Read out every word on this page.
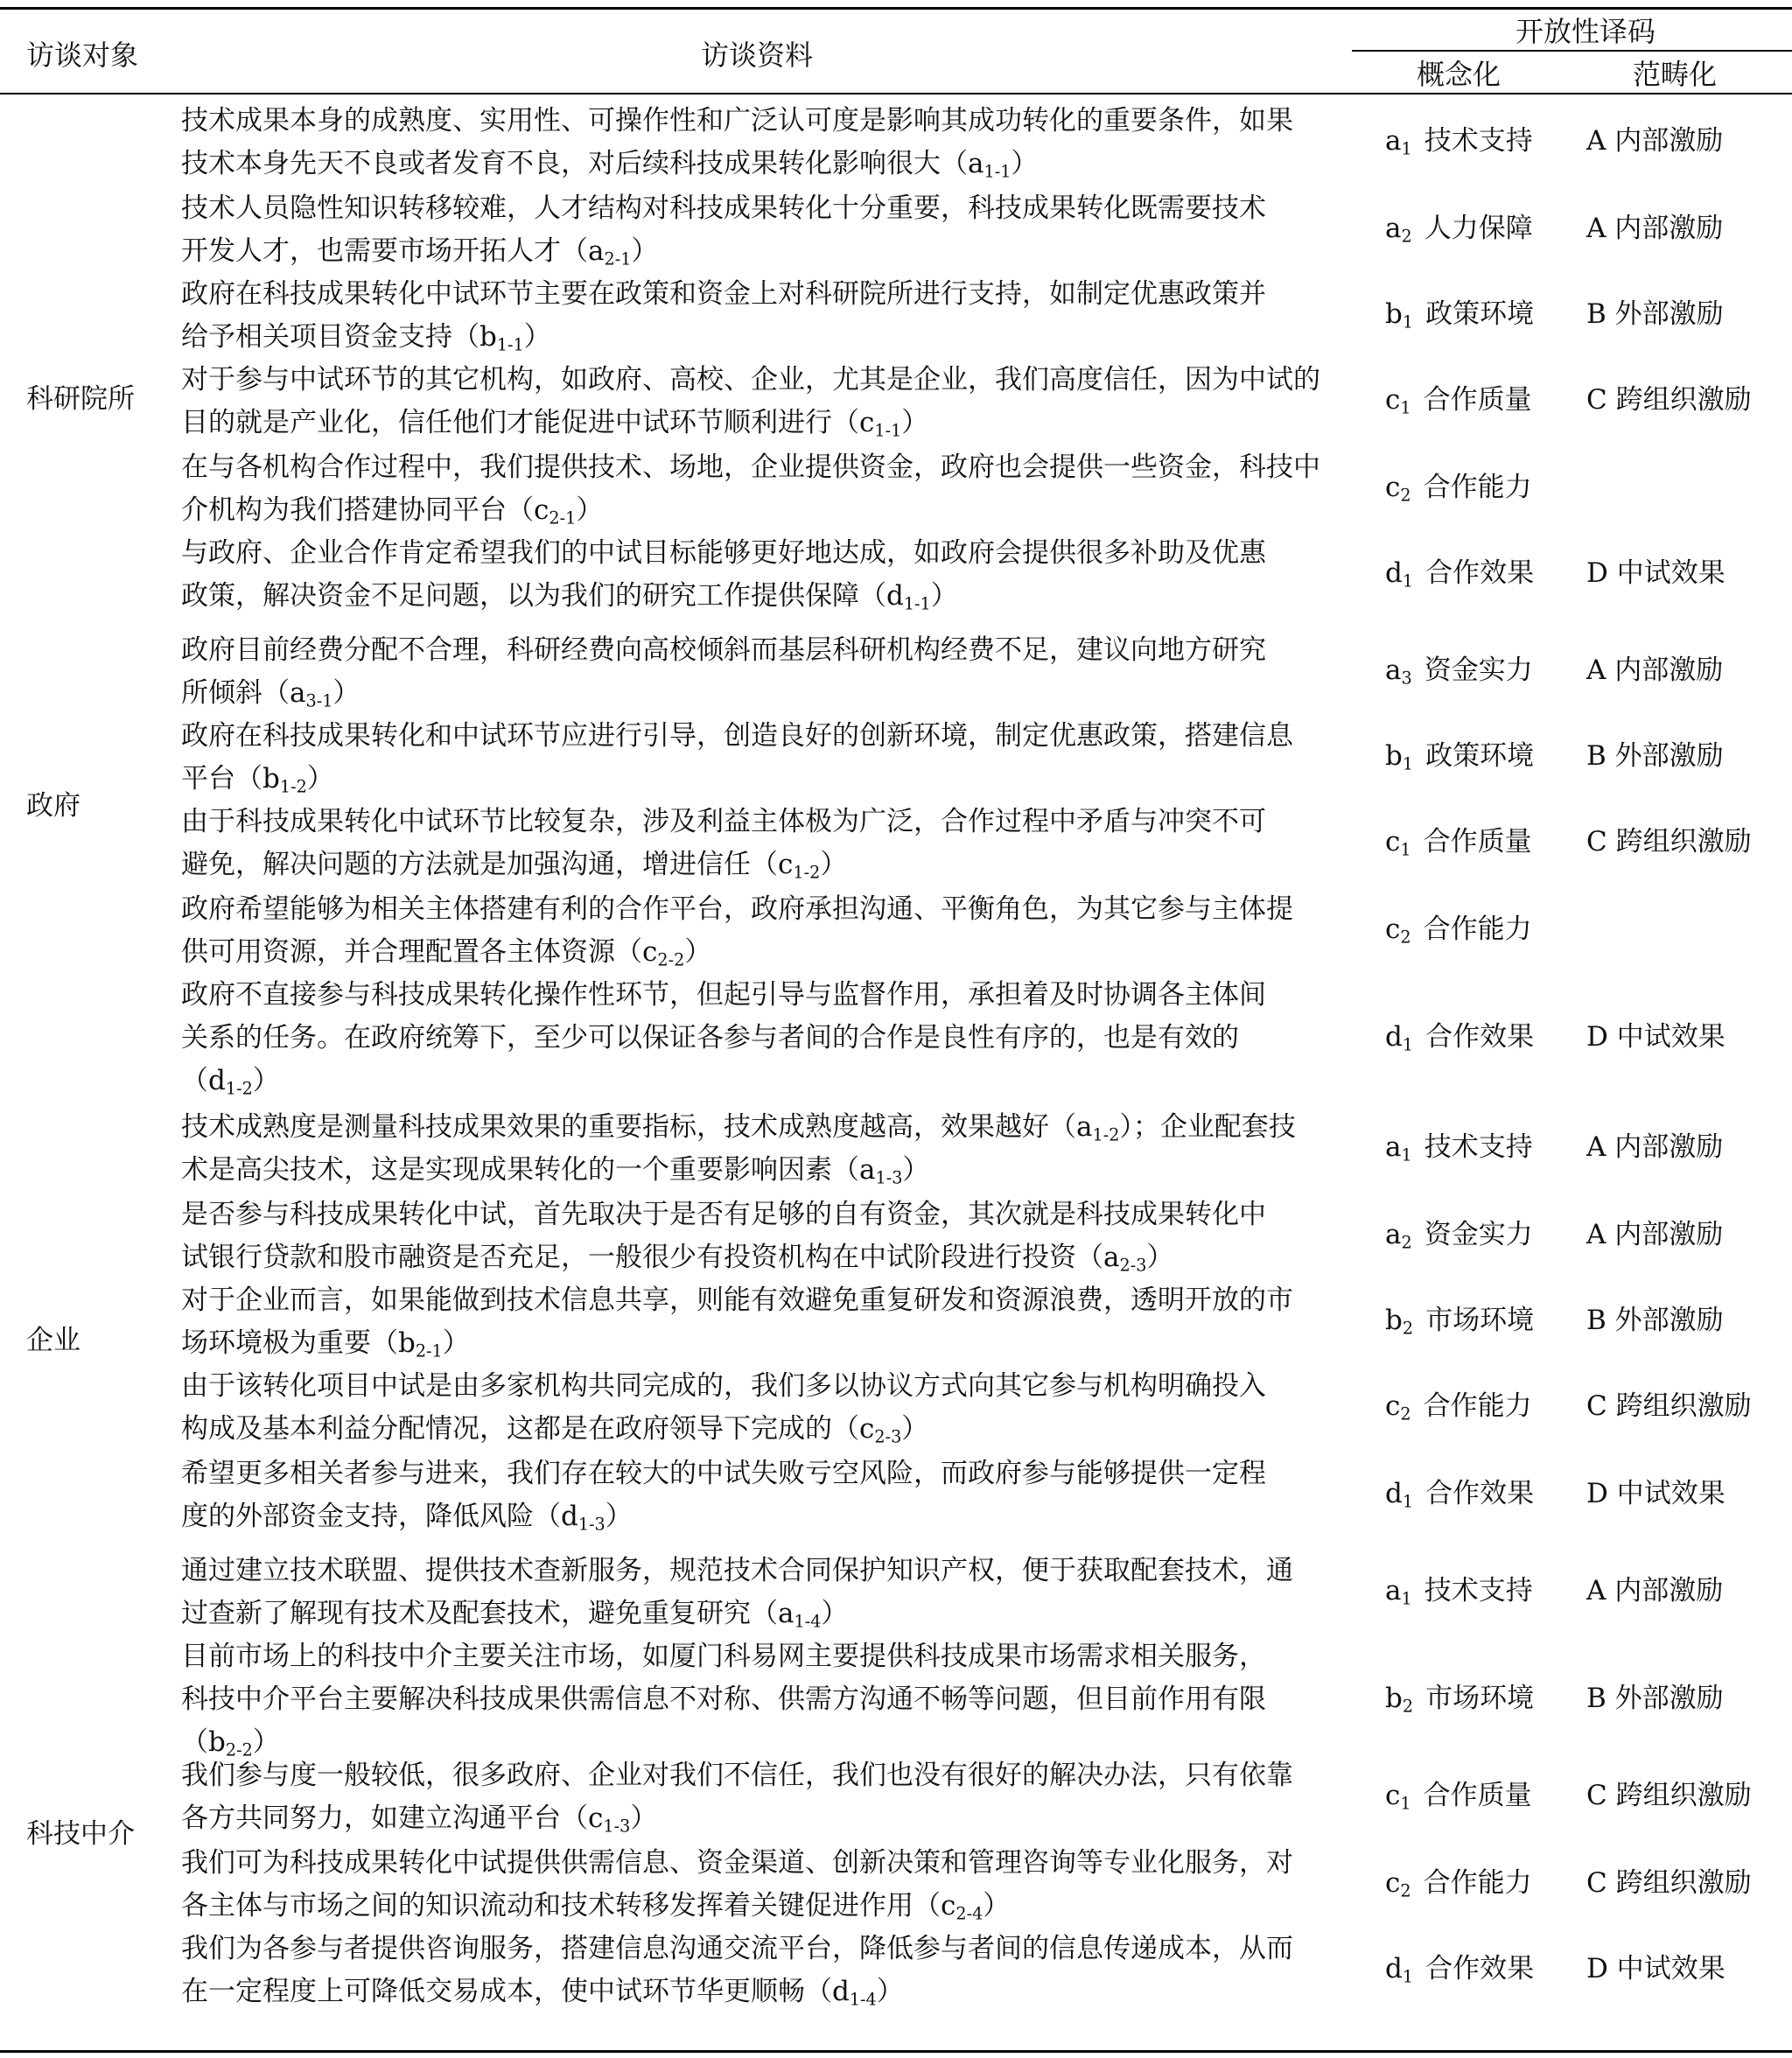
访谈对象	访谈资料
开放性译码
概念化	范畴化
科研院所
技术成果本身的成熟度、实用性、可操作性和广泛认可度是影响其成功转化的重要条件，如果
技术本身先天不良或者发育不良，对后续科技成果转化影响很大$(a_{1-1})$
$a_1$ 技术支持 A 内部激励
技术人员隐性知识转移较难，人才结构对科技成果转化十分重要，科技成果转化既需要技术
开发人才，也需要市场开拓人才$(a_{2-1})$
$a_2$ 人力保障 A 内部激励
政府在科技成果转化中试环节主要在政策和资金上对科研院所进行支持，如制定优惠政策并
给予相关项目资金支持$(b_{1-1})$
$b_1$ 政策环境 B 外部激励
对于参与中试环节的其它机构，如政府、高校、企业，尤其是企业，我们高度信任，因为中试的
目的就是产业化，信任他们才能促进中试环节顺利进行$(c_{1-1})$
$c_1$ 合作质量 C 跨组织激励
在与各机构合作过程中，我们提供技术、场地，企业提供资金，政府也会提供一些资金，科技中
介机构为我们搭建协同平台$(c_{2-1})$
$c_2$ 合作能力
与政府、企业合作肯定希望我们的中试目标能够更好地达成，如政府会提供很多补助及优惠
政策，解决资金不足问题，以为我们的研究工作提供保障$(d_{1-1})$
$d_1$ 合作效果 D 中试效果
政府
政府目前经费分配不合理，科研经费向高校倾斜而基层科研机构经费不足，建议向地方研究
所倾斜$(a_{3-1})$
$a_3$ 资金实力 A 内部激励
政府在科技成果转化和中试环节应进行引导，创造良好的创新环境，制定优惠政策，搭建信息
平台$(b_{1-2})$
$b_1$ 政策环境 B 外部激励
由于科技成果转化中试环节比较复杂，涉及利益主体极为广泛，合作过程中矛盾与冲突不可
避免，解决问题的方法就是加强沟通，增进信任$(c_{1-2})$
$c_1$ 合作质量 C 跨组织激励
政府希望能够为相关主体搭建有利的合作平台，政府承担沟通、平衡角色，为其它参与主体提
供可用资源，并合理配置各主体资源$(c_{2-2})$
$c_2$ 合作能力
政府不直接参与科技成果转化操作性环节，但起引导与监督作用，承担着及时协调各主体间
关系的任务。在政府统筹下，至少可以保证各参与者间的合作是良性有序的，也是有效的
$(d_{1-2})$
$d_1$ 合作效果 D 中试效果
企业
技术成熟度是测量科技成果效果的重要指标，技术成熟度越高，效果越好$(a_{1-2})$；企业配套技
术是高尖技术，这是实现成果转化的一个重要影响因素$(a_{1-3})$
$a_1$ 技术支持 A 内部激励
是否参与科技成果转化中试，首先取决于是否有足够的自有资金，其次就是科技成果转化中
试银行贷款和股市融资是否充足，一般很少有投资机构在中试阶段进行投资$(a_{2-3})$
$a_2$ 资金实力 A 内部激励
对于企业而言，如果能做到技术信息共享，则能有效避免重复研发和资源浪费，透明开放的市
场环境极为重要$(b_{2-1})$
$b_2$ 市场环境 B 外部激励
由于该转化项目中试是由多家机构共同完成的，我们多以协议方式向其它参与机构明确投入
构成及基本利益分配情况，这都是在政府领导下完成的$(c_{2-3})$
$c_2$ 合作能力 C 跨组织激励
希望更多相关者参与进来，我们存在较大的中试失败亏空风险，而政府参与能够提供一定程
度的外部资金支持，降低风险$(d_{1-3})$
$d_1$ 合作效果 D 中试效果
科技中介
通过建立技术联盟、提供技术查新服务，规范技术合同保护知识产权，便于获取配套技术，通
过查新了解现有技术及配套技术，避免重复研究$(a_{1-4})$
$a_1$ 技术支持 A 内部激励
目前市场上的科技中介主要关注市场，如厦门科易网主要提供科技成果市场需求相关服务，
科技中介平台主要解决科技成果供需信息不对称、供需方沟通不畅等问题，但目前作用有限
$(b_{2-2})$
$b_2$ 市场环境 B 外部激励
我们参与度一般较低，很多政府、企业对我们不信任，我们也没有很好的解决办法，只有依靠
各方共同努力，如建立沟通平台$(c_{1-3})$
$c_1$ 合作质量 C 跨组织激励
我们可为科技成果转化中试提供供需信息、资金渠道、创新决策和管理咨询等专业化服务，对
各主体与市场之间的知识流动和技术转移发挥着关键促进作用$(c_{2-4})$
$c_2$ 合作能力 C 跨组织激励
我们为各参与者提供咨询服务，搭建信息沟通交流平台，降低参与者间的信息传递成本，从而
在一定程度上可降低交易成本，使中试环节华更顺畅$(d_{1-4})$
$d_1$ 合作效果 D 中试效果
